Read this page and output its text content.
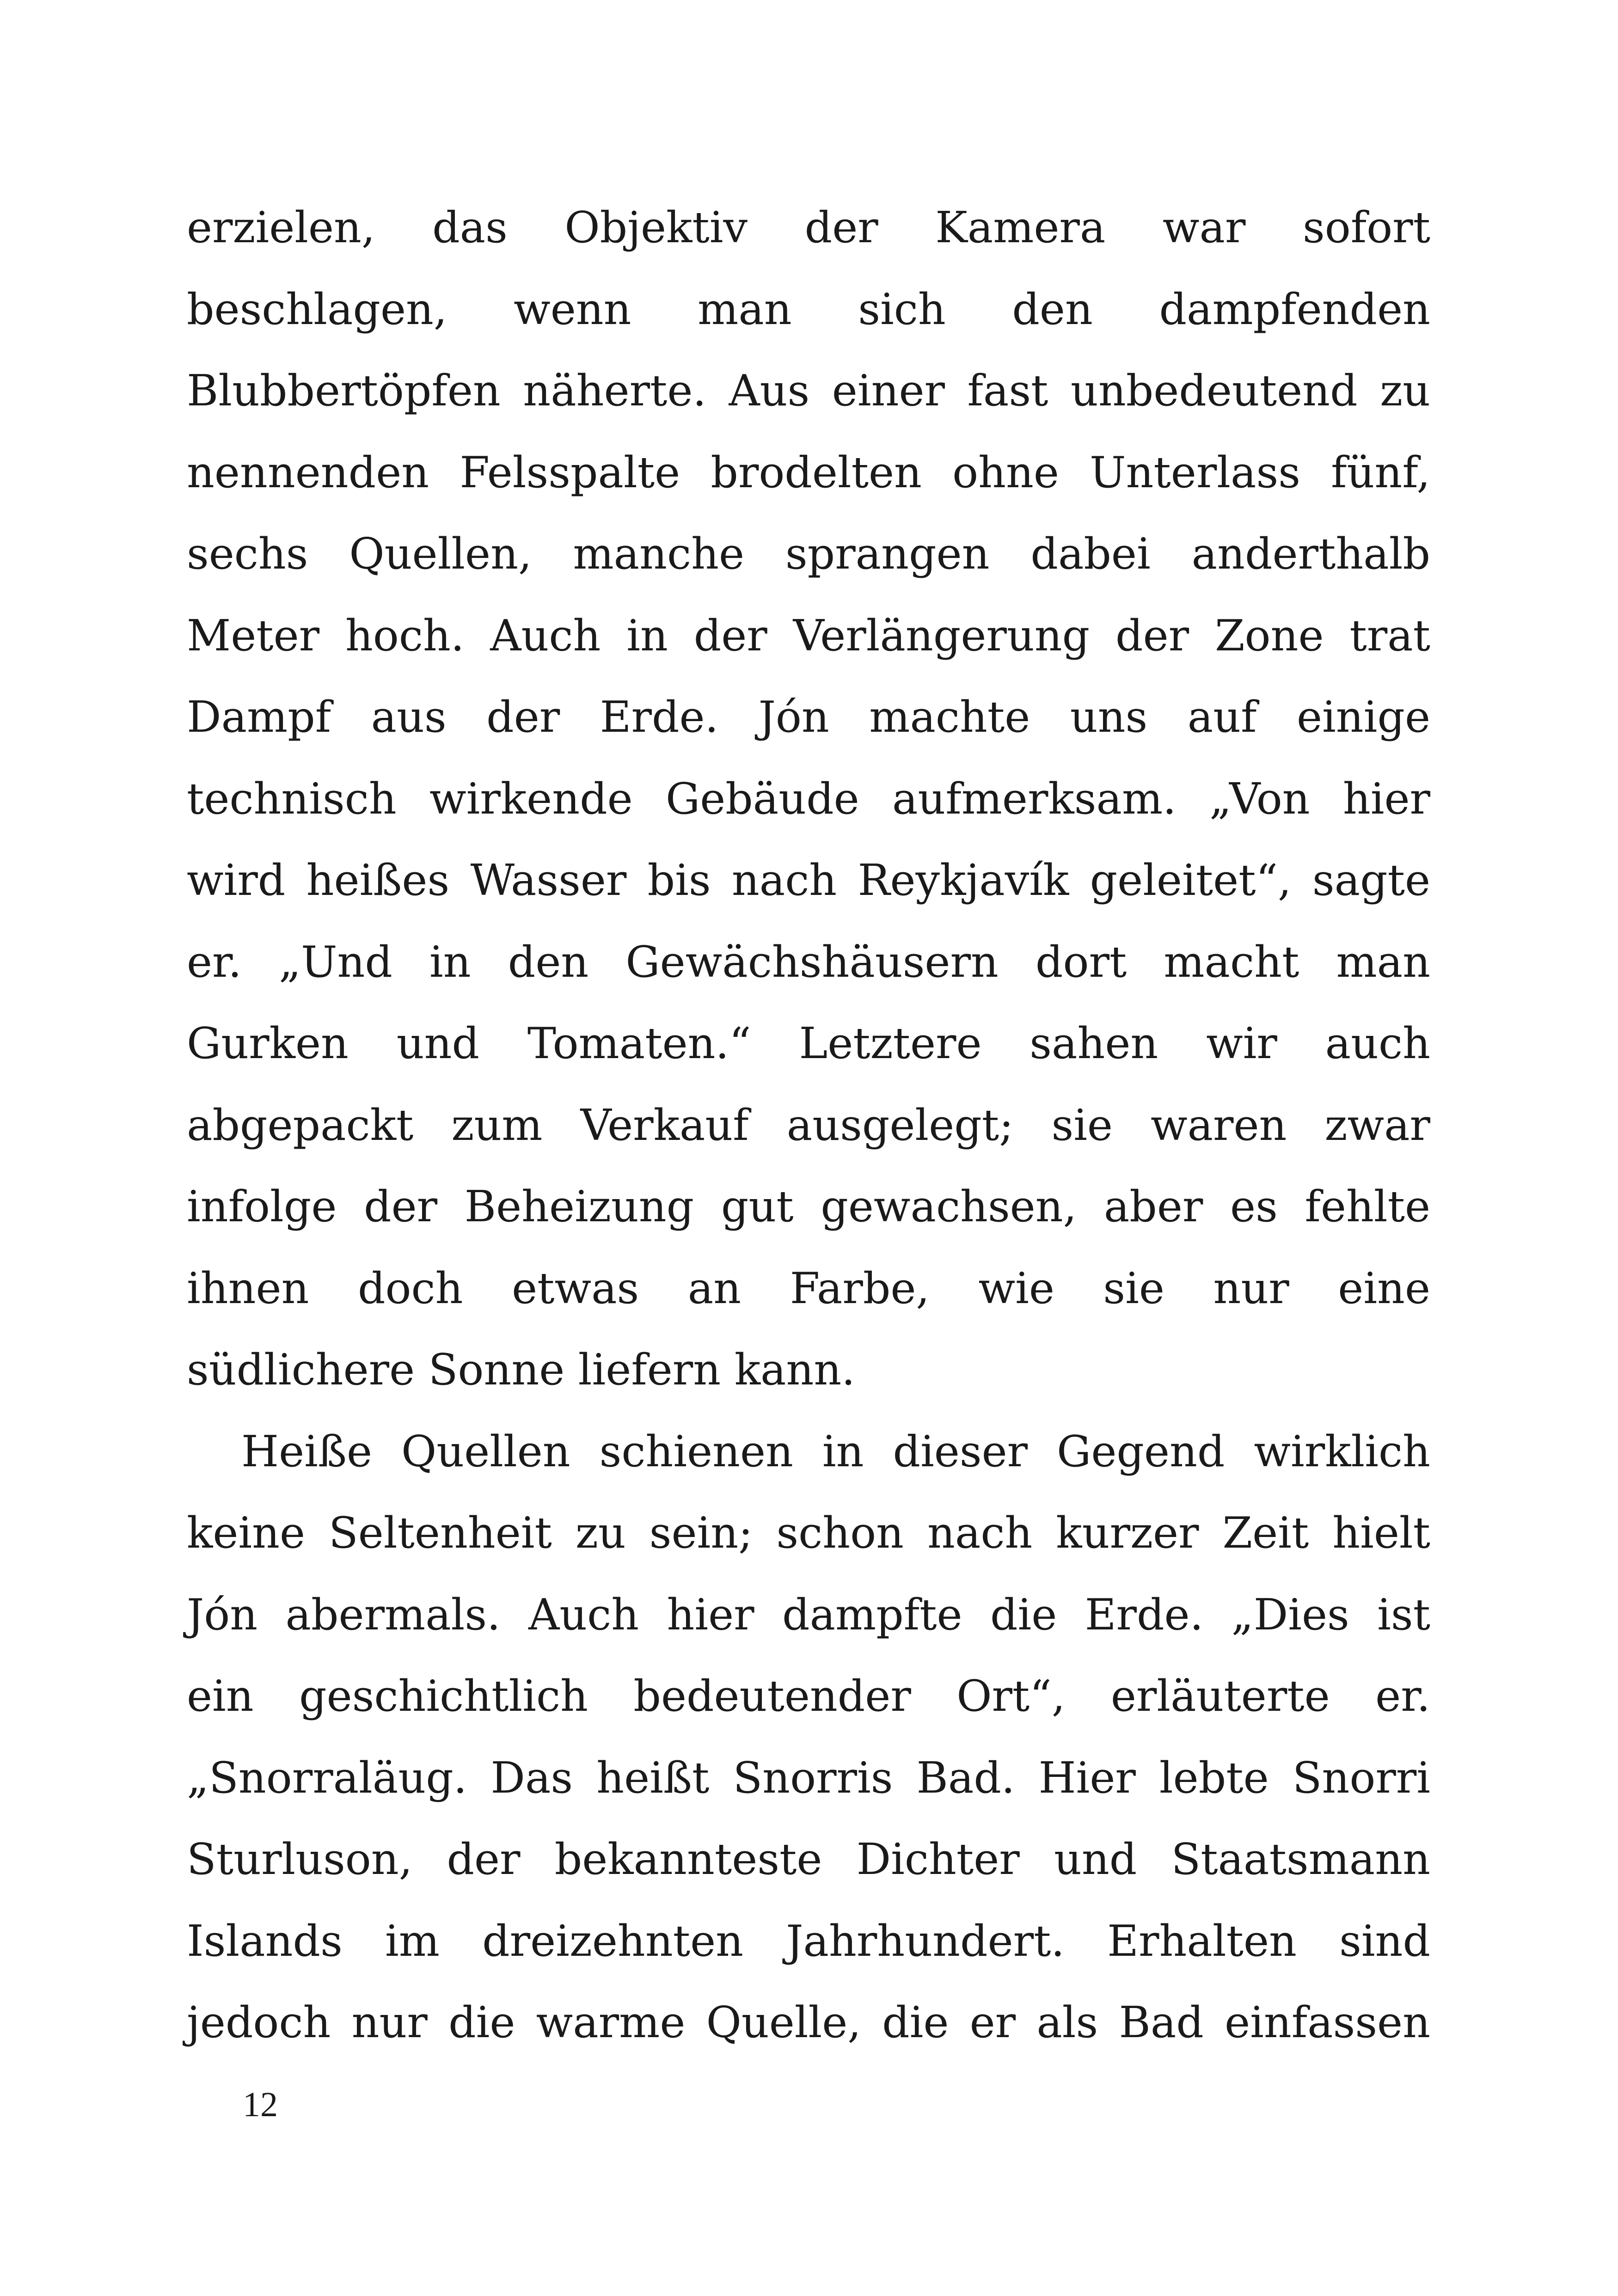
erzielen, das Objektiv der Kamera war sofort
beschlagen, wenn man sich den dampfenden
Blubbertöpfen näherte. Aus einer fast unbedeutend zu
nennenden Felsspalte brodelten ohne Unterlass fünf,
sechs Quellen, manche sprangen dabei anderthalb
Meter hoch. Auch in der Verlängerung der Zone trat
Dampf aus der Erde. Jón machte uns auf einige
technisch wirkende Gebäude aufmerksam. „Von hier
wird heißes Wasser bis nach Reykjavík geleitet“, sagte
er. „Und in den Gewächshäusern dort macht man
Gurken und Tomaten.“ Letztere sahen wir auch
abgepackt zum Verkauf ausgelegt; sie waren zwar
infolge der Beheizung gut gewachsen, aber es fehlte
ihnen doch etwas an Farbe, wie sie nur eine
südlichere Sonne liefern kann.
Heiße Quellen schienen in dieser Gegend wirklich
keine Seltenheit zu sein; schon nach kurzer Zeit hielt
Jón abermals. Auch hier dampfte die Erde. „Dies ist
ein geschichtlich bedeutender Ort“, erläuterte er.
„Snorraläug. Das heißt Snorris Bad. Hier lebte Snorri
Sturluson, der bekannteste Dichter und Staatsmann
Islands im dreizehnten Jahrhundert. Erhalten sind
jedoch nur die warme Quelle, die er als Bad einfassen
12
